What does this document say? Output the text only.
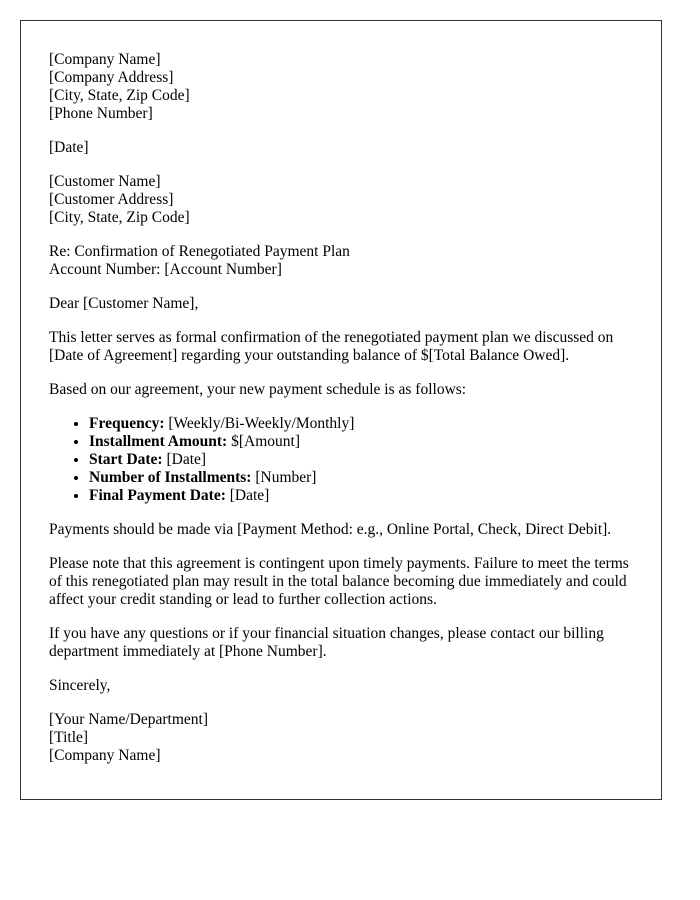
[Company Name]
[Company Address]
[City, State, Zip Code]
[Phone Number]

[Date]

[Customer Name]
[Customer Address]
[City, State, Zip Code]

Re: Confirmation of Renegotiated Payment Plan
Account Number: [Account Number]

Dear [Customer Name],

This letter serves as formal confirmation of the renegotiated payment plan we discussed on [Date of Agreement] regarding your outstanding balance of $[Total Balance Owed].

Based on our agreement, your new payment schedule is as follows:

• Frequency: [Weekly/Bi-Weekly/Monthly]
• Installment Amount: $[Amount]
• Start Date: [Date]
• Number of Installments: [Number]
• Final Payment Date: [Date]

Payments should be made via [Payment Method: e.g., Online Portal, Check, Direct Debit].

Please note that this agreement is contingent upon timely payments. Failure to meet the terms of this renegotiated plan may result in the total balance becoming due immediately and could affect your credit standing or lead to further collection actions.

If you have any questions or if your financial situation changes, please contact our billing department immediately at [Phone Number].

Sincerely,

[Your Name/Department]
[Title]
[Company Name]
